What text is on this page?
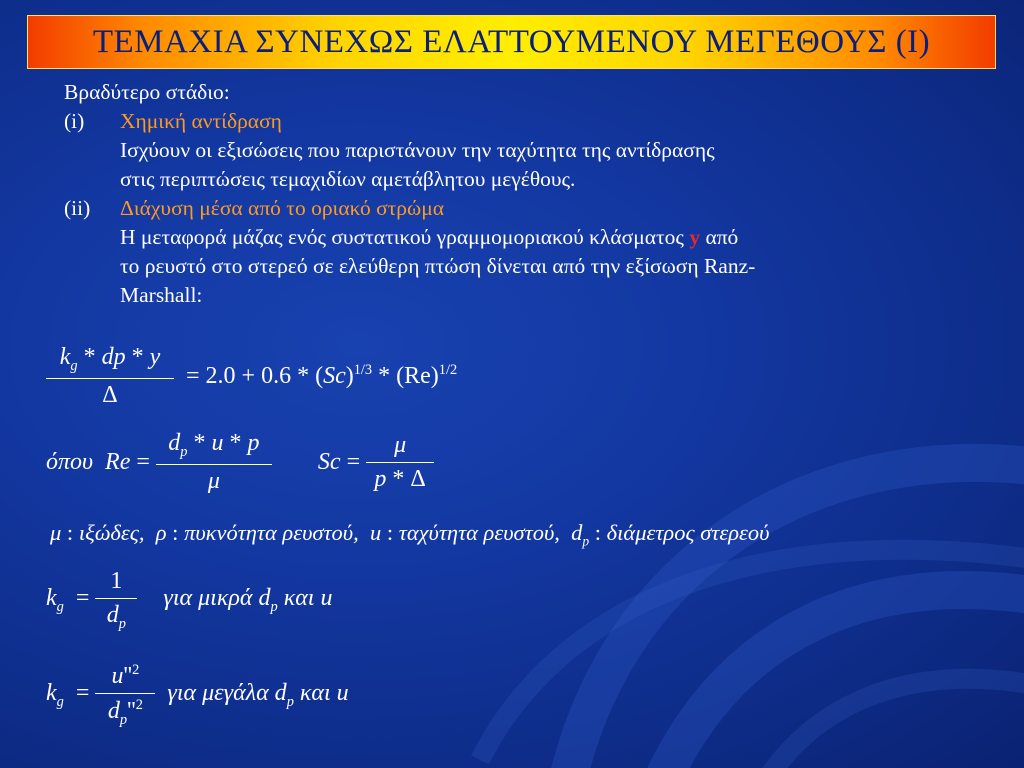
ΤΕΜΑΧΙΑ ΣΥΝΕΧΩΣ ΕΛΑΤΤΟΥΜΕΝΟΥ ΜΕΓΕΘΟΥΣ (Ι)
Βραδύτερο στάδιο:
(i) Χημική αντίδραση
Ισχύουν οι εξισώσεις που παριστάνουν την ταχύτητα της αντίδρασης
στις περιπτώσεις τεμαχιδίων αμετάβλητου μεγέθους.
(ii) Διάχυση μέσα από το οριακό στρώμα
Η μεταφορά μάζας ενός συστατικού γραμμομοριακού κλάσματος y από
το ρευστό στο στερεό σε ελεύθερη πτώση δίνεται από την εξίσωση Ranz-
Marshall:
$\frac{k_g * dp * y}{\Delta} = 2.0 + 0.6 * (Sc)^{1/3} * (Re)^{1/2}$
όπου $Re = \frac{d_p * u * p}{\mu}$ $Sc = \frac{\mu}{p * \Delta}$
μ : ιξώδες, ρ : πυκνότητα ρευστού, u : ταχύτητα ρευστού, $d_p$ : διάμετρος στερεού
$k_g = \frac{1}{d_p}$ για μικρά $d_p$ και u
$k_g = \frac{u''^2}{d_p''^2}$ για μεγάλα $d_p$ και u
